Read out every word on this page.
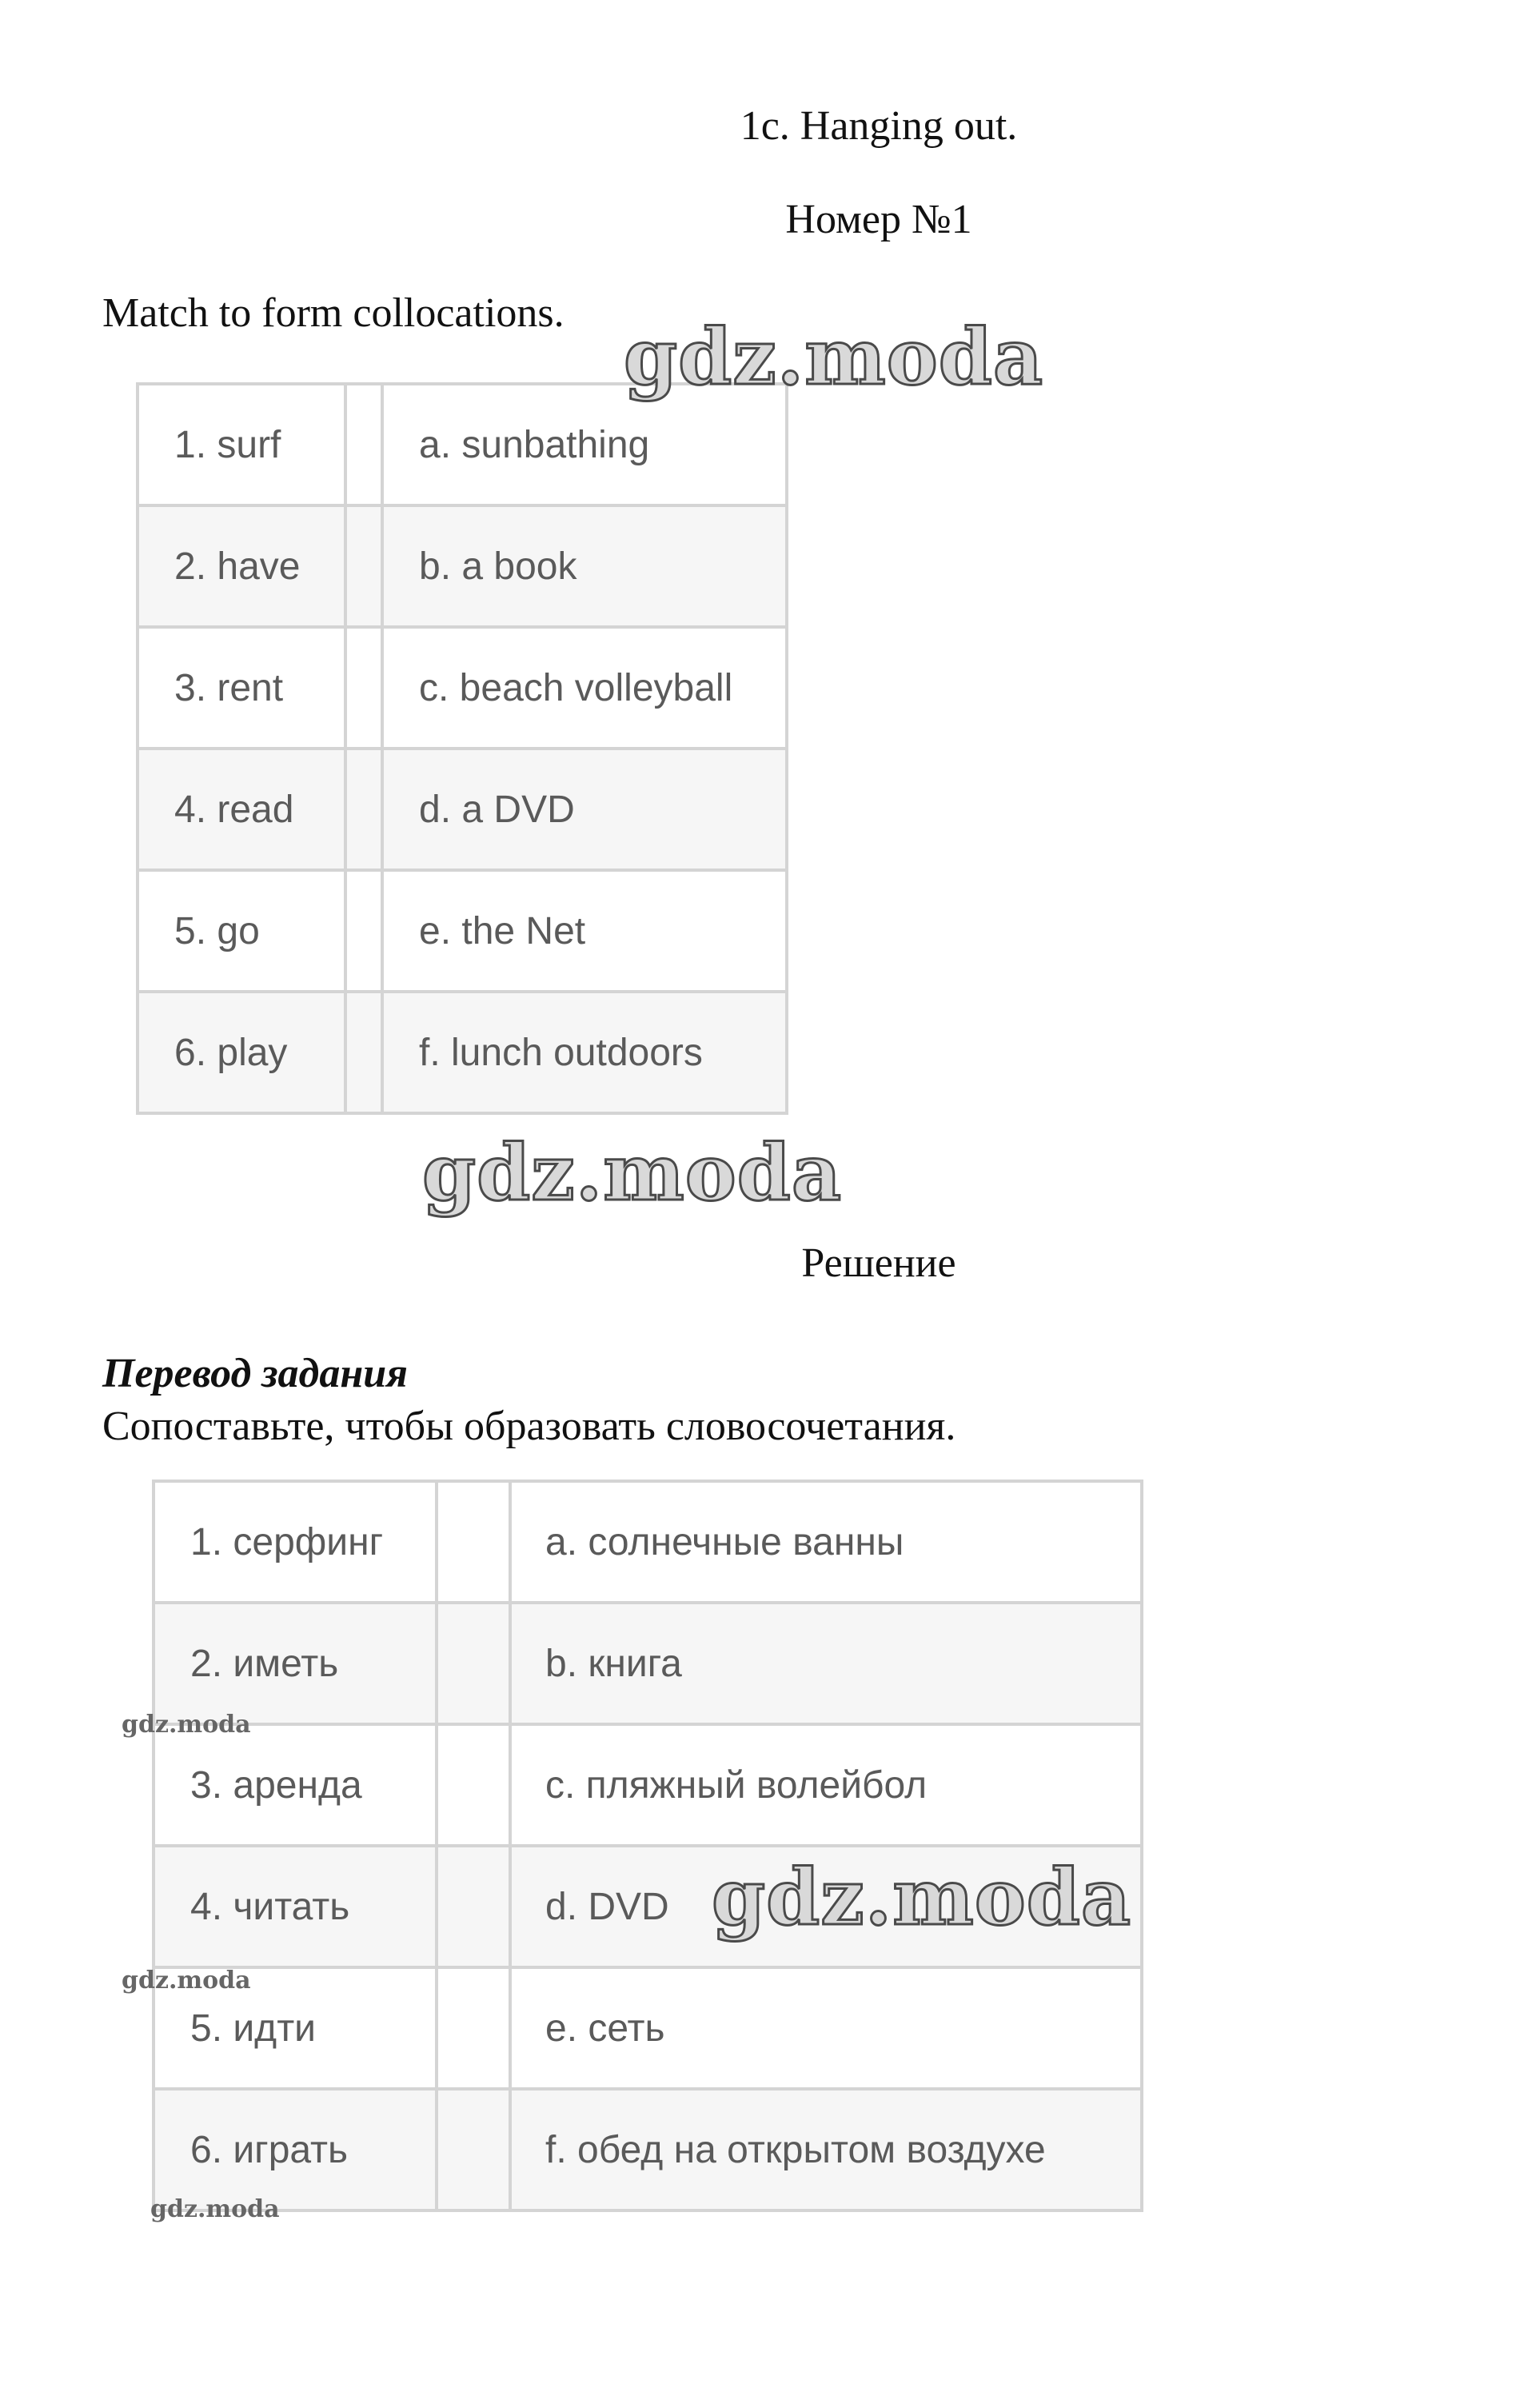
1c. Hanging out.
Номер №1
Match to form collocations.
1. surf		a. sunbathing
2. have		b. a book
3. rent		c. beach volleyball
4. read		d. a DVD
5. go		e. the Net
6. play		f. lunch outdoors
Решение
Перевод задания
Сопоставьте, чтобы образовать словосочетания.
1. серфинг		a. солнечные ванны
2. иметь		b. книга
3. аренда		c. пляжный волейбол
4. читать		d. DVD
5. идти		e. сеть
6. играть		f. обед на открытом воздухе
gdz.moda
gdz.moda
gdz.moda
gdz.moda
gdz.moda
gdz.moda
